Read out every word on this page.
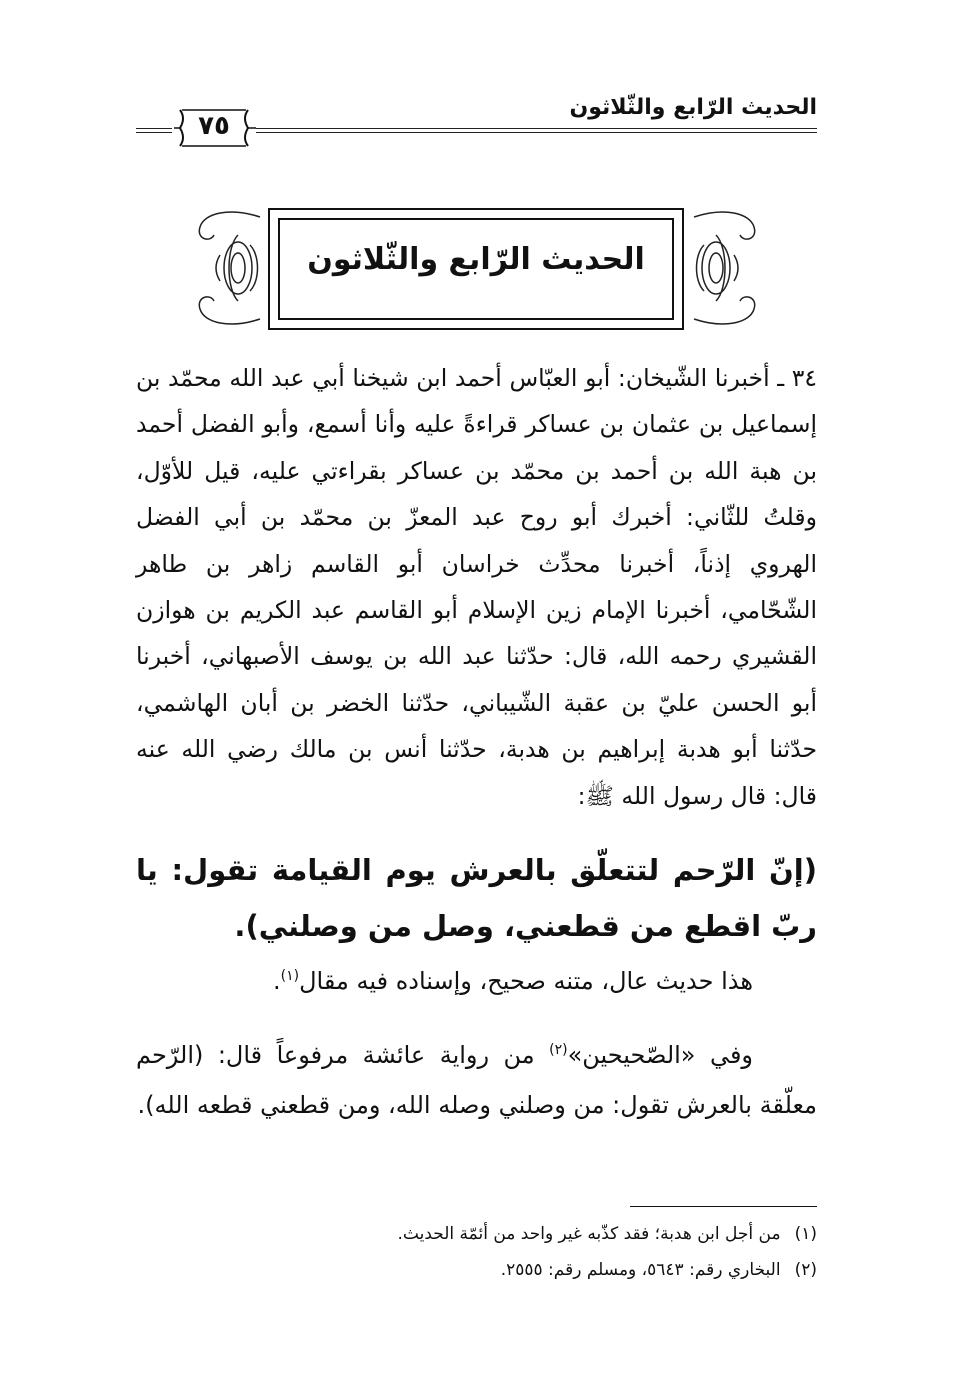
الحديث الرّابع والثّلاثون
٧٥
الحديث الرّابع والثّلاثون
٣٤ ـ أخبرنا الشّيخان: أبو العبّاس أحمد ابن شيخنا أبي عبد الله محمّد بن إسماعيل بن عثمان بن عساكر قراءةً عليه وأنا أسمع، وأبو الفضل أحمد بن هبة الله بن أحمد بن محمّد بن عساكر بقراءتي عليه، قيل للأوّل، وقلتُ للثّاني: أخبرك أبو روح عبد المعزّ بن محمّد بن أبي الفضل الهروي إذناً، أخبرنا محدِّث خراسان أبو القاسم زاهر بن طاهر الشّحّامي، أخبرنا الإمام زين الإسلام أبو القاسم عبد الكريم بن هوازن القشيري رحمه الله، قال: حدّثنا عبد الله بن يوسف الأصبهاني، أخبرنا أبو الحسن عليّ بن عقبة الشّيباني، حدّثنا الخضر بن أبان الهاشمي، حدّثنا أبو هدبة إبراهيم بن هدبة، حدّثنا أنس بن مالك رضي الله عنه قال: قال رسول الله ﷺ:
(إنّ الرّحم لتتعلّق بالعرش يوم القيامة تقول: يا ربّ اقطع من قطعني، وصل من وصلني).
هذا حديث عال، متنه صحيح، وإسناده فيه مقال$^{(١)}$.
وفي «الصّحيحين»$^{(٢)}$ من رواية عائشة مرفوعاً قال: (الرّحم معلّقة بالعرش تقول: من وصلني وصله الله، ومن قطعني قطعه الله).
(١)من أجل ابن هدبة؛ فقد كذّبه غير واحد من أئمّة الحديث.
(٢)البخاري رقم: ٥٦٤٣، ومسلم رقم: ٢٥٥٥.
